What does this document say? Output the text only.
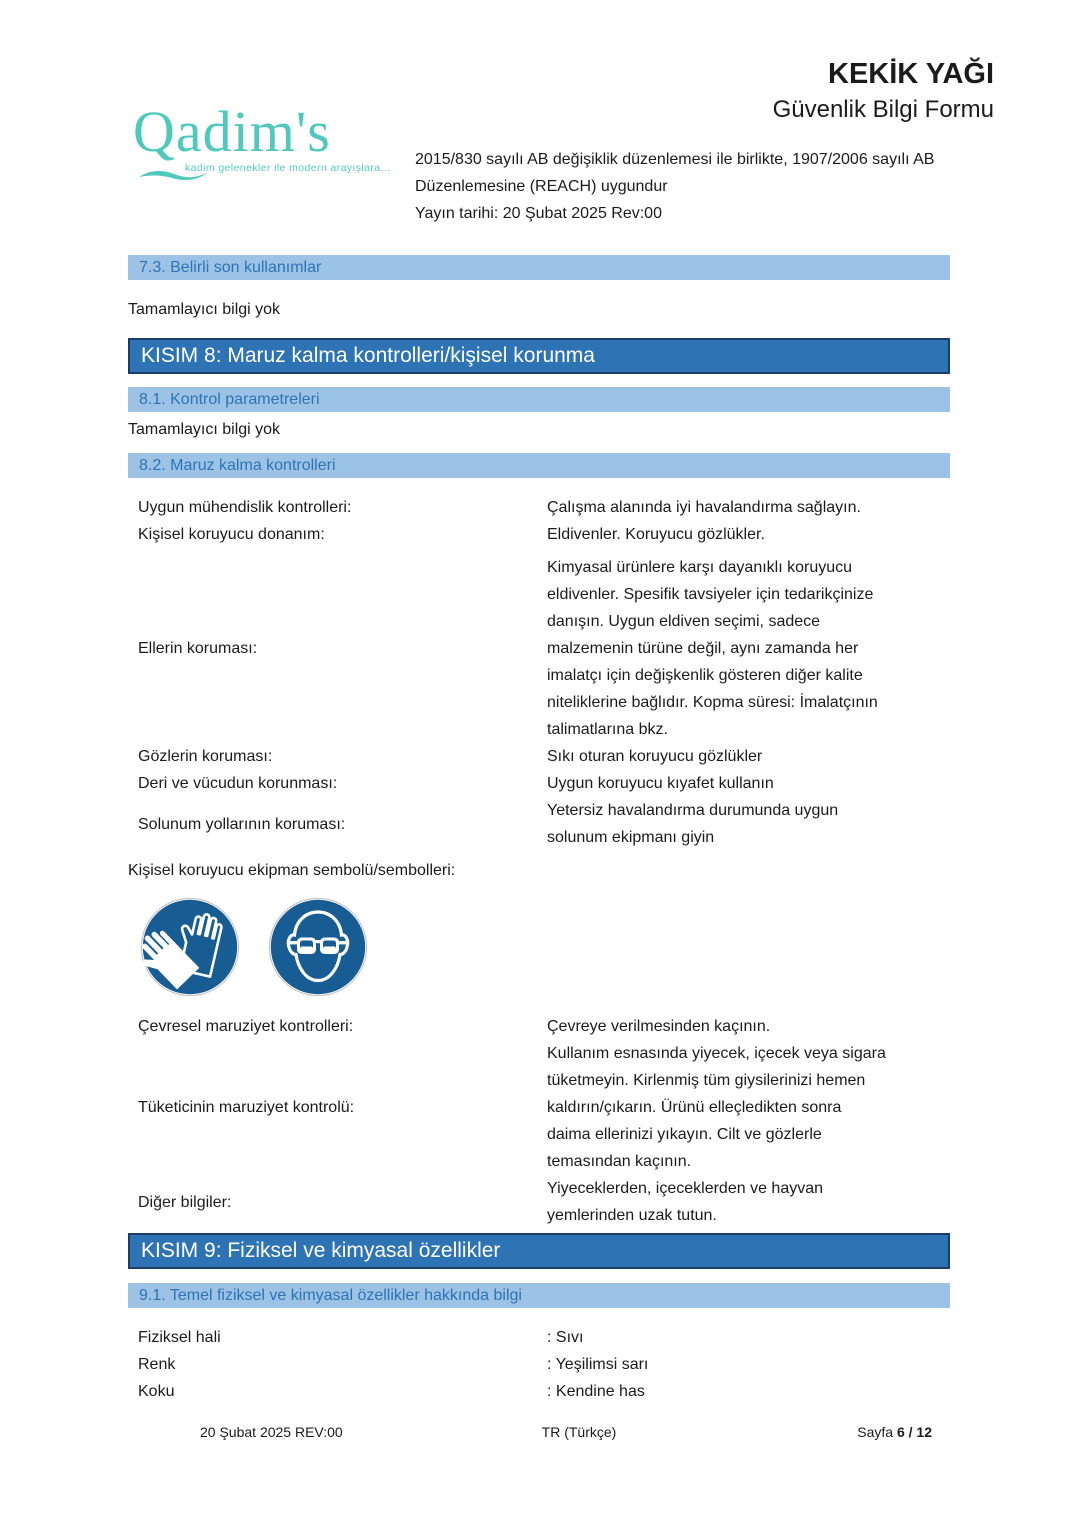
Qadim's
kadim gelenekler ile modern arayışlara...
KEKİK YAĞI
Güvenlik Bilgi Formu
2015/830 sayılı AB değişiklik düzenlemesi ile birlikte, 1907/2006 sayılı AB
Düzenlemesine (REACH) uygundur
Yayın tarihi: 20 Şubat 2025 Rev:00
7.3. Belirli son kullanımlar

Tamamlayıcı bilgi yok

KISIM 8: Maruz kalma kontrolleri/kişisel korunma
8.1. Kontrol parametreleri

Tamamlayıcı bilgi yok

8.2. Maruz kalma kontrolleri
Uygun mühendislik kontrolleri:	Çalışma alanında iyi havalandırma sağlayın.
Kişisel koruyucu donanım:	Eldivenler. Koruyucu gözlükler.
Ellerin koruması:
Kimyasal ürünlere karşı dayanıklı koruyucu
eldivenler. Spesifik tavsiyeler için tedarikçinize
danışın. Uygun eldiven seçimi, sadece
malzemenin türüne değil, aynı zamanda her
imalatçı için değişkenlik gösteren diğer kalite
niteliklerine bağlıdır. Kopma süresi: İmalatçının
talimatlarına bkz.
Gözlerin koruması:	Sıkı oturan koruyucu gözlükler
Deri ve vücudun korunması:	Uygun koruyucu kıyafet kullanın
Solunum yollarının koruması:
Yetersiz havalandırma durumunda uygun
solunum ekipmanı giyin

Kişisel koruyucu ekipman sembolü/sembolleri:

Çevresel maruziyet kontrolleri:	Çevreye verilmesinden kaçının.
Tüketicinin maruziyet kontrolü:
Kullanım esnasında yiyecek, içecek veya sigara
tüketmeyin. Kirlenmiş tüm giysilerinizi hemen
kaldırın/çıkarın. Ürünü elleçledikten sonra
daima ellerinizi yıkayın. Cilt ve gözlerle
temasından kaçının.
Diğer bilgiler:
Yiyeceklerden, içeceklerden ve hayvan
yemlerinden uzak tutun.
KISIM 9: Fiziksel ve kimyasal özellikler
9.1. Temel fiziksel ve kimyasal özellikler hakkında bilgi
Fiziksel hali	: Sıvı
Renk	: Yeşilimsi sarı
Koku	: Kendine has
20 Şubat 2025 REV:00	TR (Türkçe)	Sayfa 6 / 12
